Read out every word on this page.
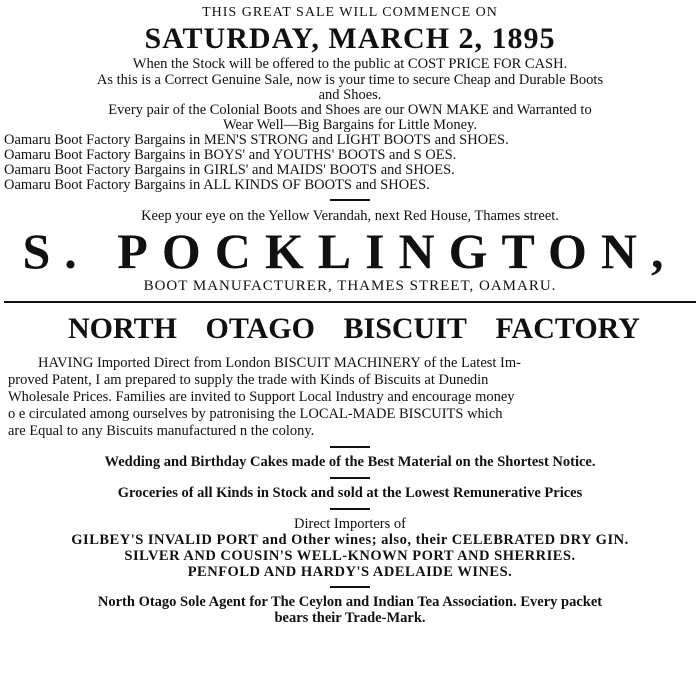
THIS GREAT SALE WILL COMMENCE ON
SATURDAY, MARCH 2, 1895
When the Stock will be offered to the public at COST PRICE FOR CASH.
As this is a Correct Genuine Sale, now is your time to secure Cheap and Durable Boots
and Shoes.
Every pair of the Colonial Boots and Shoes are our OWN MAKE and Warranted to
Wear Well—Big Bargains for Little Money.
Oamaru Boot Factory Bargains in MEN'S STRONG and LIGHT BOOTS and SHOES.
Oamaru Boot Factory Bargains in BOYS' and YOUTHS' BOOTS and S OES.
Oamaru Boot Factory Bargains in GIRLS' and MAIDS' BOOTS and SHOES.
Oamaru Boot Factory Bargains in ALL KINDS OF BOOTS and SHOES.
Keep your eye on the Yellow Verandah, next Red House, Thames street.
S. POCKLINGTON,
BOOT MANUFACTURER, THAMES STREET, OAMARU.
NORTH OTAGO BISCUIT FACTORY
HAVING Imported Direct from London BISCUIT MACHINERY of the Latest Im-
proved Patent, I am prepared to supply the trade with Kinds of Biscuits at Dunedin
Wholesale Prices. Families are invited to Support Local Industry and encourage money
o e circulated among ourselves by patronising the LOCAL-MADE BISCUITS which
are Equal to any Biscuits manufactured n the colony.
Wedding and Birthday Cakes made of the Best Material on the Shortest Notice.
Groceries of all Kinds in Stock and sold at the Lowest Remunerative Prices
Direct Importers of
GILBEY'S INVALID PORT and Other wines; also, their CELEBRATED DRY GIN.
SILVER AND COUSIN'S WELL-KNOWN PORT AND SHERRIES.
PENFOLD AND HARDY'S ADELAIDE WINES.
North Otago Sole Agent for The Ceylon and Indian Tea Association. Every packet
bears their Trade-Mark.
